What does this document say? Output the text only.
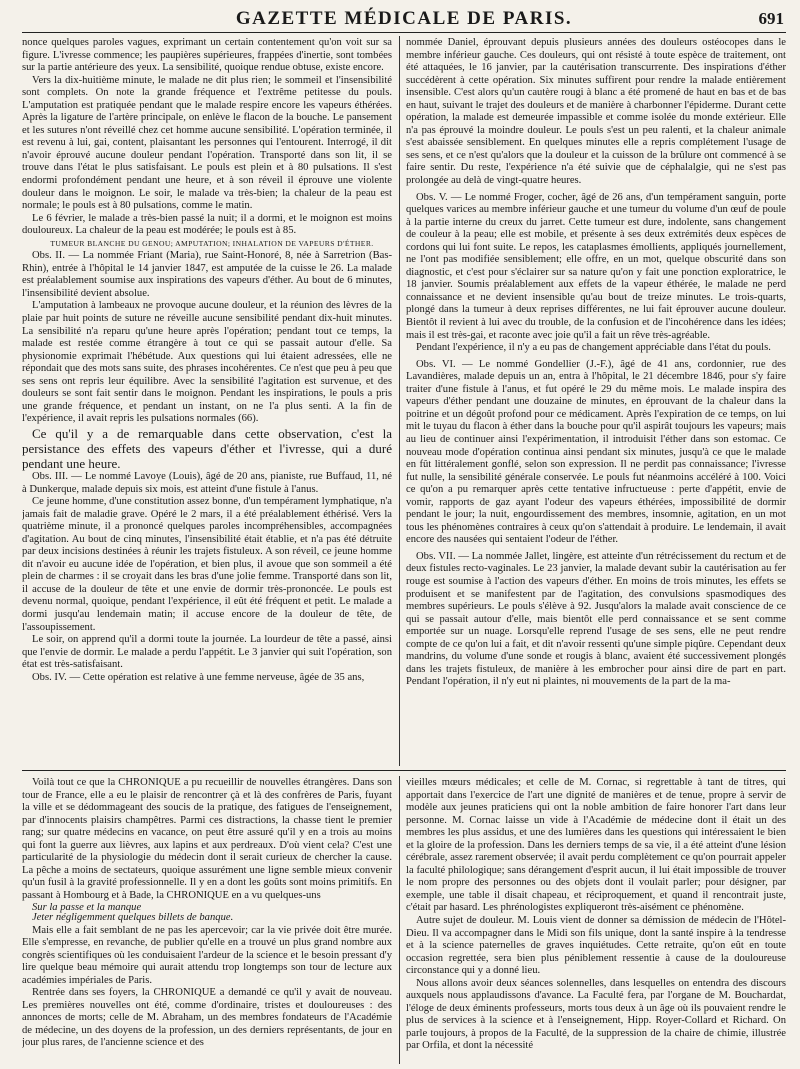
GAZETTE MÉDICALE DE PARIS.	691

nonce quelques paroles vagues, exprimant un certain contentement qu'on voit sur sa figure. L'ivresse commence; les paupières supérieures, frappées d'inertie, sont tombées sur la partie antérieure des yeux. La sensibilité, quoique rendue obtuse, existe encore.

Vers la dix-huitième minute, le malade ne dit plus rien; le sommeil et l'insensibilité sont complets. On note la grande fréquence et l'extrême petitesse du pouls. L'amputation est pratiquée pendant que le malade respire encore les vapeurs éthérées. Après la ligature de l'artère principale, on enlève le flacon de la bouche. Le pansement et les sutures n'ont réveillé chez cet homme aucune sensibilité. L'opération terminée, il est revenu à lui, gai, content, plaisantant les personnes qui l'entourent. Interrogé, il dit n'avoir éprouvé aucune douleur pendant l'opération. Transporté dans son lit, il se trouve dans l'état le plus satisfaisant. Le pouls est plein et à 80 pulsations. Il s'est endormi profondément pendant une heure, et à son réveil il éprouve une violente douleur dans le moignon. Le soir, le malade va très-bien; la chaleur de la peau est normale; le pouls est à 80 pulsations, comme le matin.

Le 6 février, le malade a très-bien passé la nuit; il a dormi, et le moignon est moins douloureux. La chaleur de la peau est modérée; le pouls est à 85.

TUMEUR BLANCHE DU GENOU; AMPUTATION; INHALATION DE VAPEURS D'ÉTHER.

Obs. II. — La nommée Friant (Maria), rue Saint-Honoré, 8, née à Sarretrion (Bas-Rhin), entrée à l'hôpital le 14 janvier 1847, est amputée de la cuisse le 26. La malade est préalablement soumise aux inspirations des vapeurs d'éther. Au bout de 6 minutes, l'insensibilité devient absolue.

L'amputation à lambeaux ne provoque aucune douleur, et la réunion des lèvres de la plaie par huit points de suture ne réveille aucune sensibilité pendant dix-huit minutes. La sensibilité n'a reparu qu'une heure après l'opération; pendant tout ce temps, la malade est restée comme étrangère à tout ce qui se passait autour d'elle. Sa physionomie exprimait l'hébétude. Aux questions qui lui étaient adressées, elle ne répondait que des mots sans suite, des phrases incohérentes. Ce n'est que peu à peu que ses sens ont repris leur équilibre. Avec la sensibilité l'agitation est survenue, et des douleurs se sont fait sentir dans le moignon. Pendant les inspirations, le pouls a pris une grande fréquence, et pendant un instant, on ne l'a plus senti. A la fin de l'expérience, il avait repris les pulsations normales (66).

Ce qu'il y a de remarquable dans cette observation, c'est la persistance des effets des vapeurs d'éther et l'ivresse, qui a duré pendant une heure.

Obs. III. — Le nommé Lavoye (Louis), âgé de 20 ans, pianiste, rue Buffaud, 11, né à Dunkerque, malade depuis six mois, est atteint d'une fistule à l'anus.

Ce jeune homme, d'une constitution assez bonne, d'un tempérament lymphatique, n'a jamais fait de maladie grave. Opéré le 2 mars, il a été préalablement éthérisé. Vers la quatrième minute, il a prononcé quelques paroles incompréhensibles, accompagnées d'agitation. Au bout de cinq minutes, l'insensibilité était établie, et n'a pas été détruite par deux incisions destinées à réunir les trajets fistuleux. A son réveil, ce jeune homme dit n'avoir eu aucune idée de l'opération, et bien plus, il avoue que son sommeil a été plein de charmes : il se croyait dans les bras d'une jolie femme. Transporté dans son lit, il accuse de la douleur de tête et une envie de dormir très-prononcée. Le pouls est devenu normal, quoique, pendant l'expérience, il eût été fréquent et petit. Le malade a dormi jusqu'au lendemain matin; il accuse encore de la douleur de tête, de l'assoupissement.

Le soir, on apprend qu'il a dormi toute la journée. La lourdeur de tête a passé, ainsi que l'envie de dormir. Le malade a perdu l'appétit. Le 3 janvier qui suit l'opération, son état est très-satisfaisant.

Obs. IV. — Cette opération est relative à une femme nerveuse, âgée de 35 ans,

nommée Daniel, éprouvant depuis plusieurs années des douleurs ostéocopes dans le membre inférieur gauche. Ces douleurs, qui ont résisté à toute espèce de traitement, ont été attaquées, le 16 janvier, par la cautérisation transcurrente. Des inspirations d'éther succédèrent à cette opération. Six minutes suffirent pour rendre la malade entièrement insensible. C'est alors qu'un cautère rougi à blanc a été promené de haut en bas et de bas en haut, suivant le trajet des douleurs et de manière à charbonner l'épiderme. Durant cette opération, la malade est demeurée impassible et comme isolée du monde extérieur. Elle n'a pas éprouvé la moindre douleur. Le pouls s'est un peu ralenti, et la chaleur animale s'est abaissée sensiblement. En quelques minutes elle a repris complétement l'usage de ses sens, et ce n'est qu'alors que la douleur et la cuisson de la brûlure ont commencé à se faire sentir. Du reste, l'expérience n'a été suivie que de céphalalgie, qui ne s'est pas prolongée au delà de vingt-quatre heures.

Obs. V. — Le nommé Froger, cocher, âgé de 26 ans, d'un tempérament sanguin, porte quelques varices au membre inférieur gauche et une tumeur du volume d'un œuf de poule à la partie interne du creux du jarret. Cette tumeur est dure, indolente, sans changement de couleur à la peau; elle est mobile, et présente à ses deux extrémités deux espèces de cordons qui lui font suite. Le repos, les cataplasmes émollients, appliqués journellement, ne l'ont pas modifiée sensiblement; elle offre, en un mot, quelque obscurité dans son diagnostic, et c'est pour s'éclairer sur sa nature qu'on y fait une ponction exploratrice, le 18 janvier. Soumis préalablement aux effets de la vapeur éthérée, le malade ne perd connaissance et ne devient insensible qu'au bout de treize minutes. Le trois-quarts, plongé dans la tumeur à deux reprises différentes, ne lui fait éprouver aucune douleur. Bientôt il revient à lui avec du trouble, de la confusion et de l'incohérence dans les idées; mais il est très-gai, et raconte avec joie qu'il a fait un rêve très-agréable.

Pendant l'expérience, il n'y a eu pas de changement appréciable dans l'état du pouls.

Obs. VI. — Le nommé Gondellier (J.-F.), âgé de 41 ans, cordonnier, rue des Lavandières, malade depuis un an, entra à l'hôpital, le 21 décembre 1846, pour s'y faire traiter d'une fistule à l'anus, et fut opéré le 29 du même mois. Le malade inspira des vapeurs d'éther pendant une douzaine de minutes, en éprouvant de la chaleur dans la poitrine et un dégoût profond pour ce médicament. Après l'expiration de ce temps, on lui mit le tuyau du flacon à éther dans la bouche pour qu'il aspirât toujours les vapeurs; mais au lieu de continuer ainsi l'expérimentation, il introduisit l'éther dans son estomac. Ce nouveau mode d'opération continua ainsi pendant six minutes, jusqu'à ce que le malade en fût littéralement gonflé, selon son expression. Il ne perdit pas connaissance; l'ivresse fut nulle, la sensibilité générale conservée. Le pouls fut néanmoins accéléré à 100. Voici ce qu'on a pu remarquer après cette tentative infructueuse : perte d'appétit, envie de vomir, rapports de gaz ayant l'odeur des vapeurs éthérées, impossibilité de dormir pendant le jour; la nuit, engourdissement des membres, insomnie, agitation, en un mot tous les phénomènes contraires à ceux qu'on s'attendait à produire. Le lendemain, il avait encore des nausées qui sentaient l'odeur de l'éther.

Obs. VII. — La nommée Jallet, lingère, est atteinte d'un rétrécissement du rectum et de deux fistules recto-vaginales. Le 23 janvier, la malade devant subir la cautérisation au fer rouge est soumise à l'action des vapeurs d'éther. En moins de trois minutes, les effets se produisent et se manifestent par de l'agitation, des convulsions spasmodiques des membres supérieurs. Le pouls s'élève à 92. Jusqu'alors la malade avait conscience de ce qui se passait autour d'elle, mais bientôt elle perd connaissance et se sent comme emportée sur un nuage. Lorsqu'elle reprend l'usage de ses sens, elle ne peut rendre compte de ce qu'on lui a fait, et dit n'avoir ressenti qu'une simple piqûre. Cependant deux mandrins, du volume d'une sonde et rougis à blanc, avaient été successivement plongés dans les trajets fistuleux, de manière à les embrocher pour ainsi dire de part en part. Pendant l'opération, il n'y eut ni plaintes, ni mouvements de la part de la ma-

Voilà tout ce que la CHRONIQUE a pu recueillir de nouvelles étrangères. Dans son tour de France, elle a eu le plaisir de rencontrer çà et là des confrères de Paris, fuyant la ville et se dédommageant des soucis de la pratique, des fatigues de l'enseignement, par d'innocents plaisirs champêtres. Parmi ces distractions, la chasse tient le premier rang; sur quatre médecins en vacance, on peut être assuré qu'il y en a trois au moins qui font la guerre aux lièvres, aux lapins et aux perdreaux. D'où vient cela? C'est une particularité de la physiologie du médecin dont il serait curieux de chercher la cause. La pêche a moins de sectateurs, quoique assurément une ligne semble mieux convenir qu'un fusil à la gravité professionnelle. Il y en a dont les goûts sont moins primitifs. En passant à Hombourg et à Bade, la CHRONIQUE en a vu quelques-uns

Sur la passe et la manque

Jeter négligemment quelques billets de banque.

Mais elle a fait semblant de ne pas les apercevoir; car la vie privée doit être murée. Elle s'empresse, en revanche, de publier qu'elle en a trouvé un plus grand nombre aux congrès scientifiques où les conduisaient l'ardeur de la science et le besoin pressant d'y lire quelque beau mémoire qui aurait attendu trop longtemps son tour de lecture aux académies impériales de Paris.

Rentrée dans ses foyers, la CHRONIQUE a demandé ce qu'il y avait de nouveau. Les premières nouvelles ont été, comme d'ordinaire, tristes et douloureuses : des annonces de morts; celle de M. Abraham, un des membres fondateurs de l'Académie de médecine, un des doyens de la profession, un des derniers représentants, de jour en jour plus rares, de l'ancienne science et des

vieilles mœurs médicales; et celle de M. Cornac, si regrettable à tant de titres, qui apportait dans l'exercice de l'art une dignité de manières et de tenue, propre à servir de modèle aux jeunes praticiens qui ont la noble ambition de faire honorer l'art dans leur personne. M. Cornac laisse un vide à l'Académie de médecine dont il était un des membres les plus assidus, et une des lumières dans les questions qui intéressaient le bien et la gloire de la profession. Dans les derniers temps de sa vie, il a été atteint d'une lésion cérébrale, assez rarement observée; il avait perdu complètement ce qu'on pourrait appeler la faculté philologique; sans dérangement d'esprit aucun, il lui était impossible de trouver le nom propre des personnes ou des objets dont il voulait parler; pour désigner, par exemple, une table il disait chapeau, et réciproquement, et quand il rencontrait juste, c'était par hasard. Les phrénologistes expliqueront très-aisément ce phénomène.

Autre sujet de douleur. M. Louis vient de donner sa démission de médecin de l'Hôtel-Dieu. Il va accompagner dans le Midi son fils unique, dont la santé inspire à la tendresse et à la science paternelles de graves inquiétudes. Cette retraite, qu'on eût en toute occasion regrettée, sera bien plus péniblement ressentie à cause de la douloureuse circonstance qui y a donné lieu.

Nous allons avoir deux séances solennelles, dans lesquelles on entendra des discours auxquels nous applaudissons d'avance. La Faculté fera, par l'organe de M. Bouchardat, l'éloge de deux éminents professeurs, morts tous deux à un âge où ils pouvaient rendre le plus de services à la science et à l'enseignement, Hipp. Royer-Collard et Richard. On parle toujours, à propos de la Faculté, de la suppression de la chaire de chimie, illustrée par Orfila, et dont la nécessité
